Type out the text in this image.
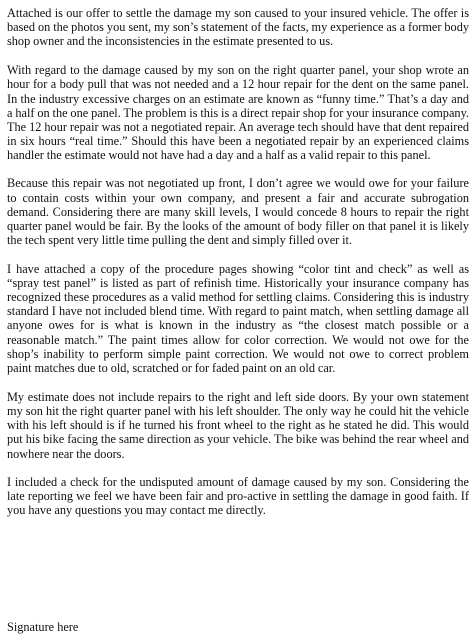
Attached is our offer to settle the damage my son caused to your insured vehicle. The offer is based on the photos you sent, my son’s statement of the facts, my experience as a former body shop owner and the inconsistencies in the estimate presented to us.

With regard to the damage caused by my son on the right quarter panel, your shop wrote an hour for a body pull that was not needed and a 12 hour repair for the dent on the same panel. In the industry excessive charges on an estimate are known as “funny time.” That’s a day and a half on the one panel. The problem is this is a direct repair shop for your insurance company. The 12 hour repair was not a negotiated repair. An average tech should have that dent repaired in six hours “real time.” Should this have been a negotiated repair by an experienced claims handler the estimate would not have had a day and a half as a valid repair to this panel.

Because this repair was not negotiated up front, I don’t agree we would owe for your failure to contain costs within your own company, and present a fair and accurate subrogation demand. Considering there are many skill levels, I would concede 8 hours to repair the right quarter panel would be fair. By the looks of the amount of body filler on that panel it is likely the tech spent very little time pulling the dent and simply filled over it.

I have attached a copy of the procedure pages showing “color tint and check” as well as “spray test panel” is listed as part of refinish time. Historically your insurance company has recognized these procedures as a valid method for settling claims. Considering this is industry standard I have not included blend time. With regard to paint match, when settling damage all anyone owes for is what is known in the industry as “the closest match possible or a reasonable match.” The paint times allow for color correction. We would not owe for the shop’s inability to perform simple paint correction. We would not owe to correct problem paint matches due to old, scratched or for faded paint on an old car.

My estimate does not include repairs to the right and left side doors. By your own statement my son hit the right quarter panel with his left shoulder. The only way he could hit the vehicle with his left should is if he turned his front wheel to the right as he stated he did. This would put his bike facing the same direction as your vehicle. The bike was behind the rear wheel and nowhere near the doors.

I included a check for the undisputed amount of damage caused by my son. Considering the late reporting we feel we have been fair and pro-active in settling the damage in good faith. If you have any questions you may contact me directly.

Signature here
